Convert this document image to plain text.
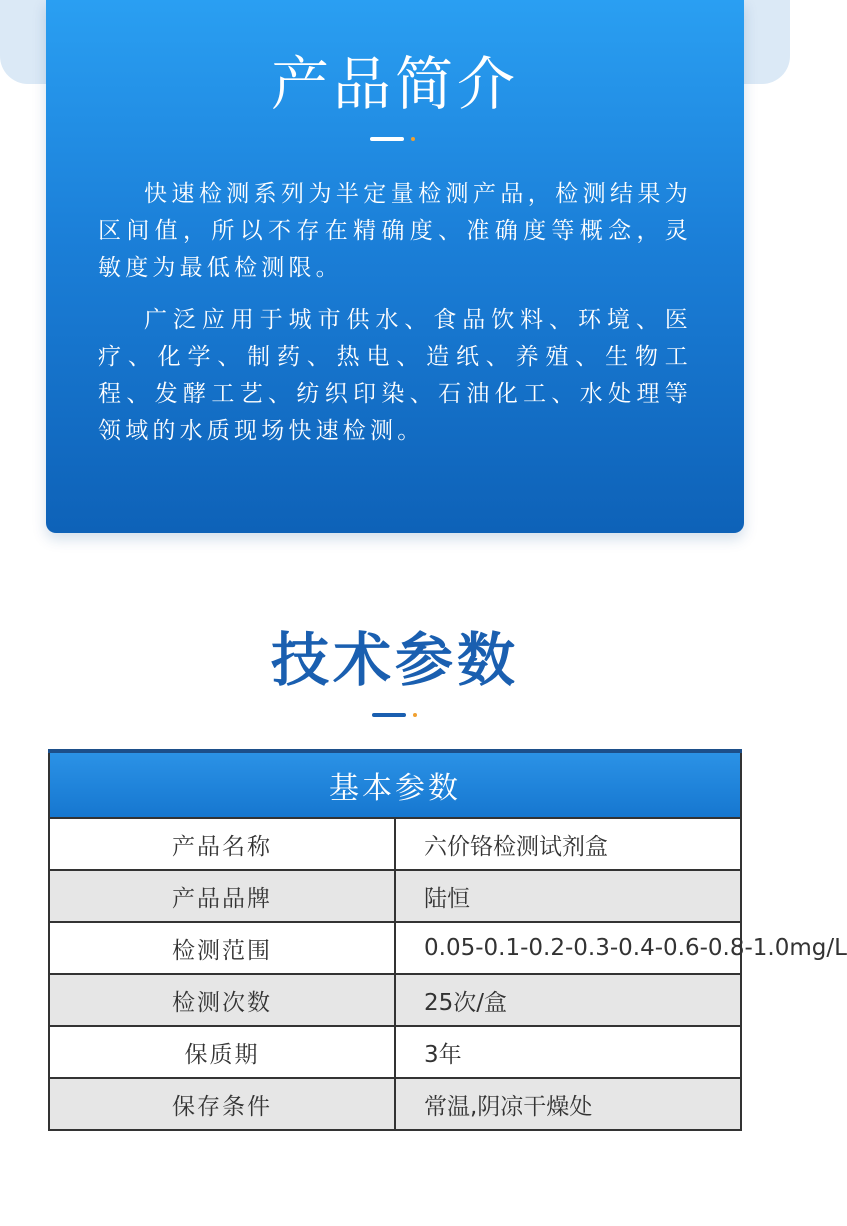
产品简介

快速检测系列为半定量检测产品，检测结果为区间值，所以不存在精确度、准确度等概念，灵敏度为最低检测限。

广泛应用于城市供水、食品饮料、环境、医疗、化学、制药、热电、造纸、养殖、生物工程、发酵工艺、纺织印染、石油化工、水处理等领域的水质现场快速检测。

技术参数
基本参数	
产品名称	六价铬检测试剂盒
产品品牌	陆恒
检测范围	0.05-0.1-0.2-0.3-0.4-0.6-0.8-1.0mg/L
检测次数	25次/盒
保质期	3年
保存条件	常温,阴凉干燥处
